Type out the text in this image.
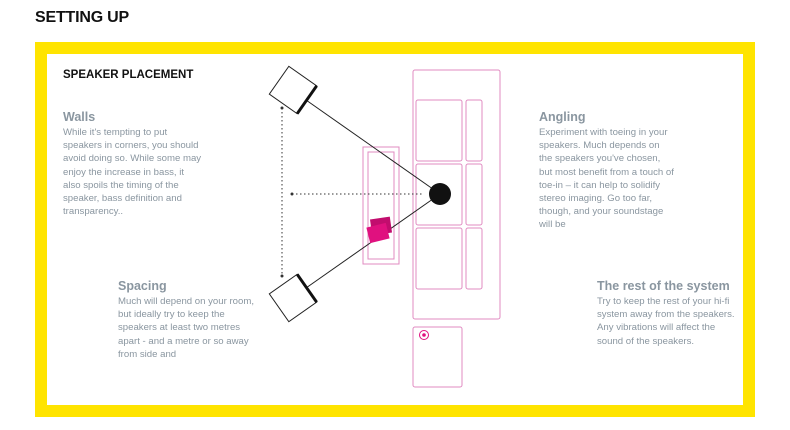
SETTING UP
SPEAKER PLACEMENT
Walls

While it's tempting to put speakers in corners, you should avoid doing so. While some may enjoy the increase in bass, it also spoils the timing of the speaker, bass definition and transparency..

Spacing

Much will depend on your room, but ideally try to keep the speakers at least two metres apart - and a metre or so away from side and

Angling

Experiment with toeing in your speakers. Much depends on the speakers you've chosen, but most benefit from a touch of toe-in – it can help to solidify stereo imaging. Go too far, though, and your soundstage will be

The rest of the system

Try to keep the rest of your hi-fi system away from the speakers. Any vibrations will affect the sound of the speakers.
